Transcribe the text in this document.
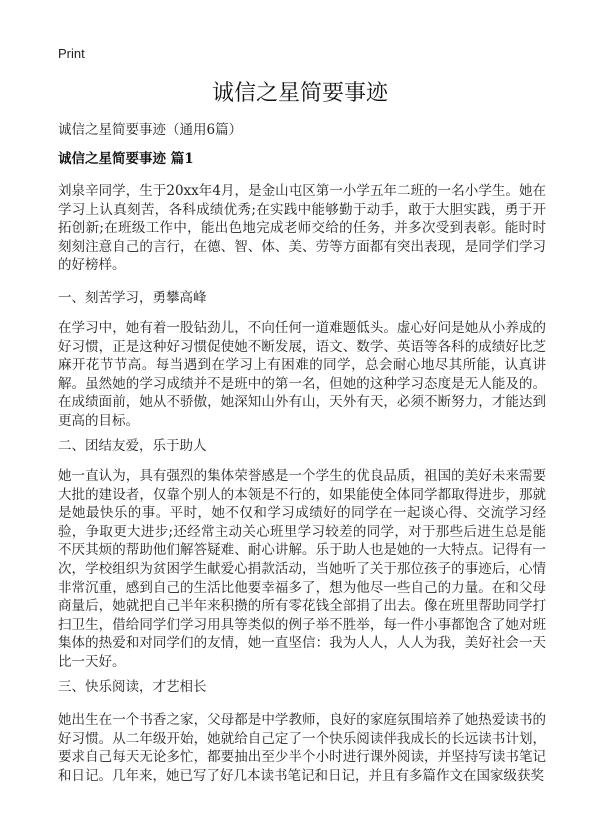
Print
诚信之星简要事迹
诚信之星简要事迹（通用6篇）
诚信之星简要事迹 篇1
刘泉辛同学，生于20xx年4月，是金山屯区第一小学五年二班的一名小学生。她在学习上认真刻苦，各科成绩优秀;在实践中能够勤于动手，敢于大胆实践，勇于开拓创新;在班级工作中，能出色地完成老师交给的任务，并多次受到表彰。能时时刻刻注意自己的言行，在德、智、体、美、劳等方面都有突出表现，是同学们学习的好榜样。
一、刻苦学习，勇攀高峰
在学习中，她有着一股钻劲儿，不向任何一道难题低头。虚心好问是她从小养成的好习惯，正是这种好习惯促使她不断发展，语文、数学、英语等各科的成绩好比芝麻开花节节高。每当遇到在学习上有困难的同学，总会耐心地尽其所能，认真讲解。虽然她的学习成绩并不是班中的第一名，但她的这种学习态度是无人能及的。在成绩面前，她从不骄傲，她深知山外有山，天外有天，必须不断努力，才能达到更高的目标。
二、团结友爱，乐于助人
她一直认为，具有强烈的集体荣誉感是一个学生的优良品质，祖国的美好未来需要大批的建设者，仅靠个别人的本领是不行的，如果能使全体同学都取得进步，那就是她最快乐的事。平时，她不仅和学习成绩好的同学在一起谈心得、交流学习经验，争取更大进步;还经常主动关心班里学习较差的同学，对于那些后进生总是能不厌其烦的帮助他们解答疑难、耐心讲解。乐于助人也是她的一大特点。记得有一次，学校组织为贫困学生献爱心捐款活动，当她听了关于那位孩子的事迹后，心情非常沉重，感到自己的生活比他要幸福多了，想为他尽一些自己的力量。在和父母商量后，她就把自己半年来积攒的所有零花钱全部捐了出去。像在班里帮助同学打扫卫生，借给同学们学习用具等类似的例子举不胜举，每一件小事都饱含了她对班集体的热爱和对同学们的友情，她一直坚信：我为人人，人人为我，美好社会一天比一天好。
三、快乐阅读，才艺相长
她出生在一个书香之家，父母都是中学教师，良好的家庭氛围培养了她热爱读书的好习惯。从二年级开始，她就给自己定了一个快乐阅读伴我成长的长远读书计划，要求自己每天无论多忙，都要抽出至少半个小时进行课外阅读，并坚持写读书笔记和日记。几年来，她已写了好几本读书笔记和日记，并且有多篇作文在国家级获奖
